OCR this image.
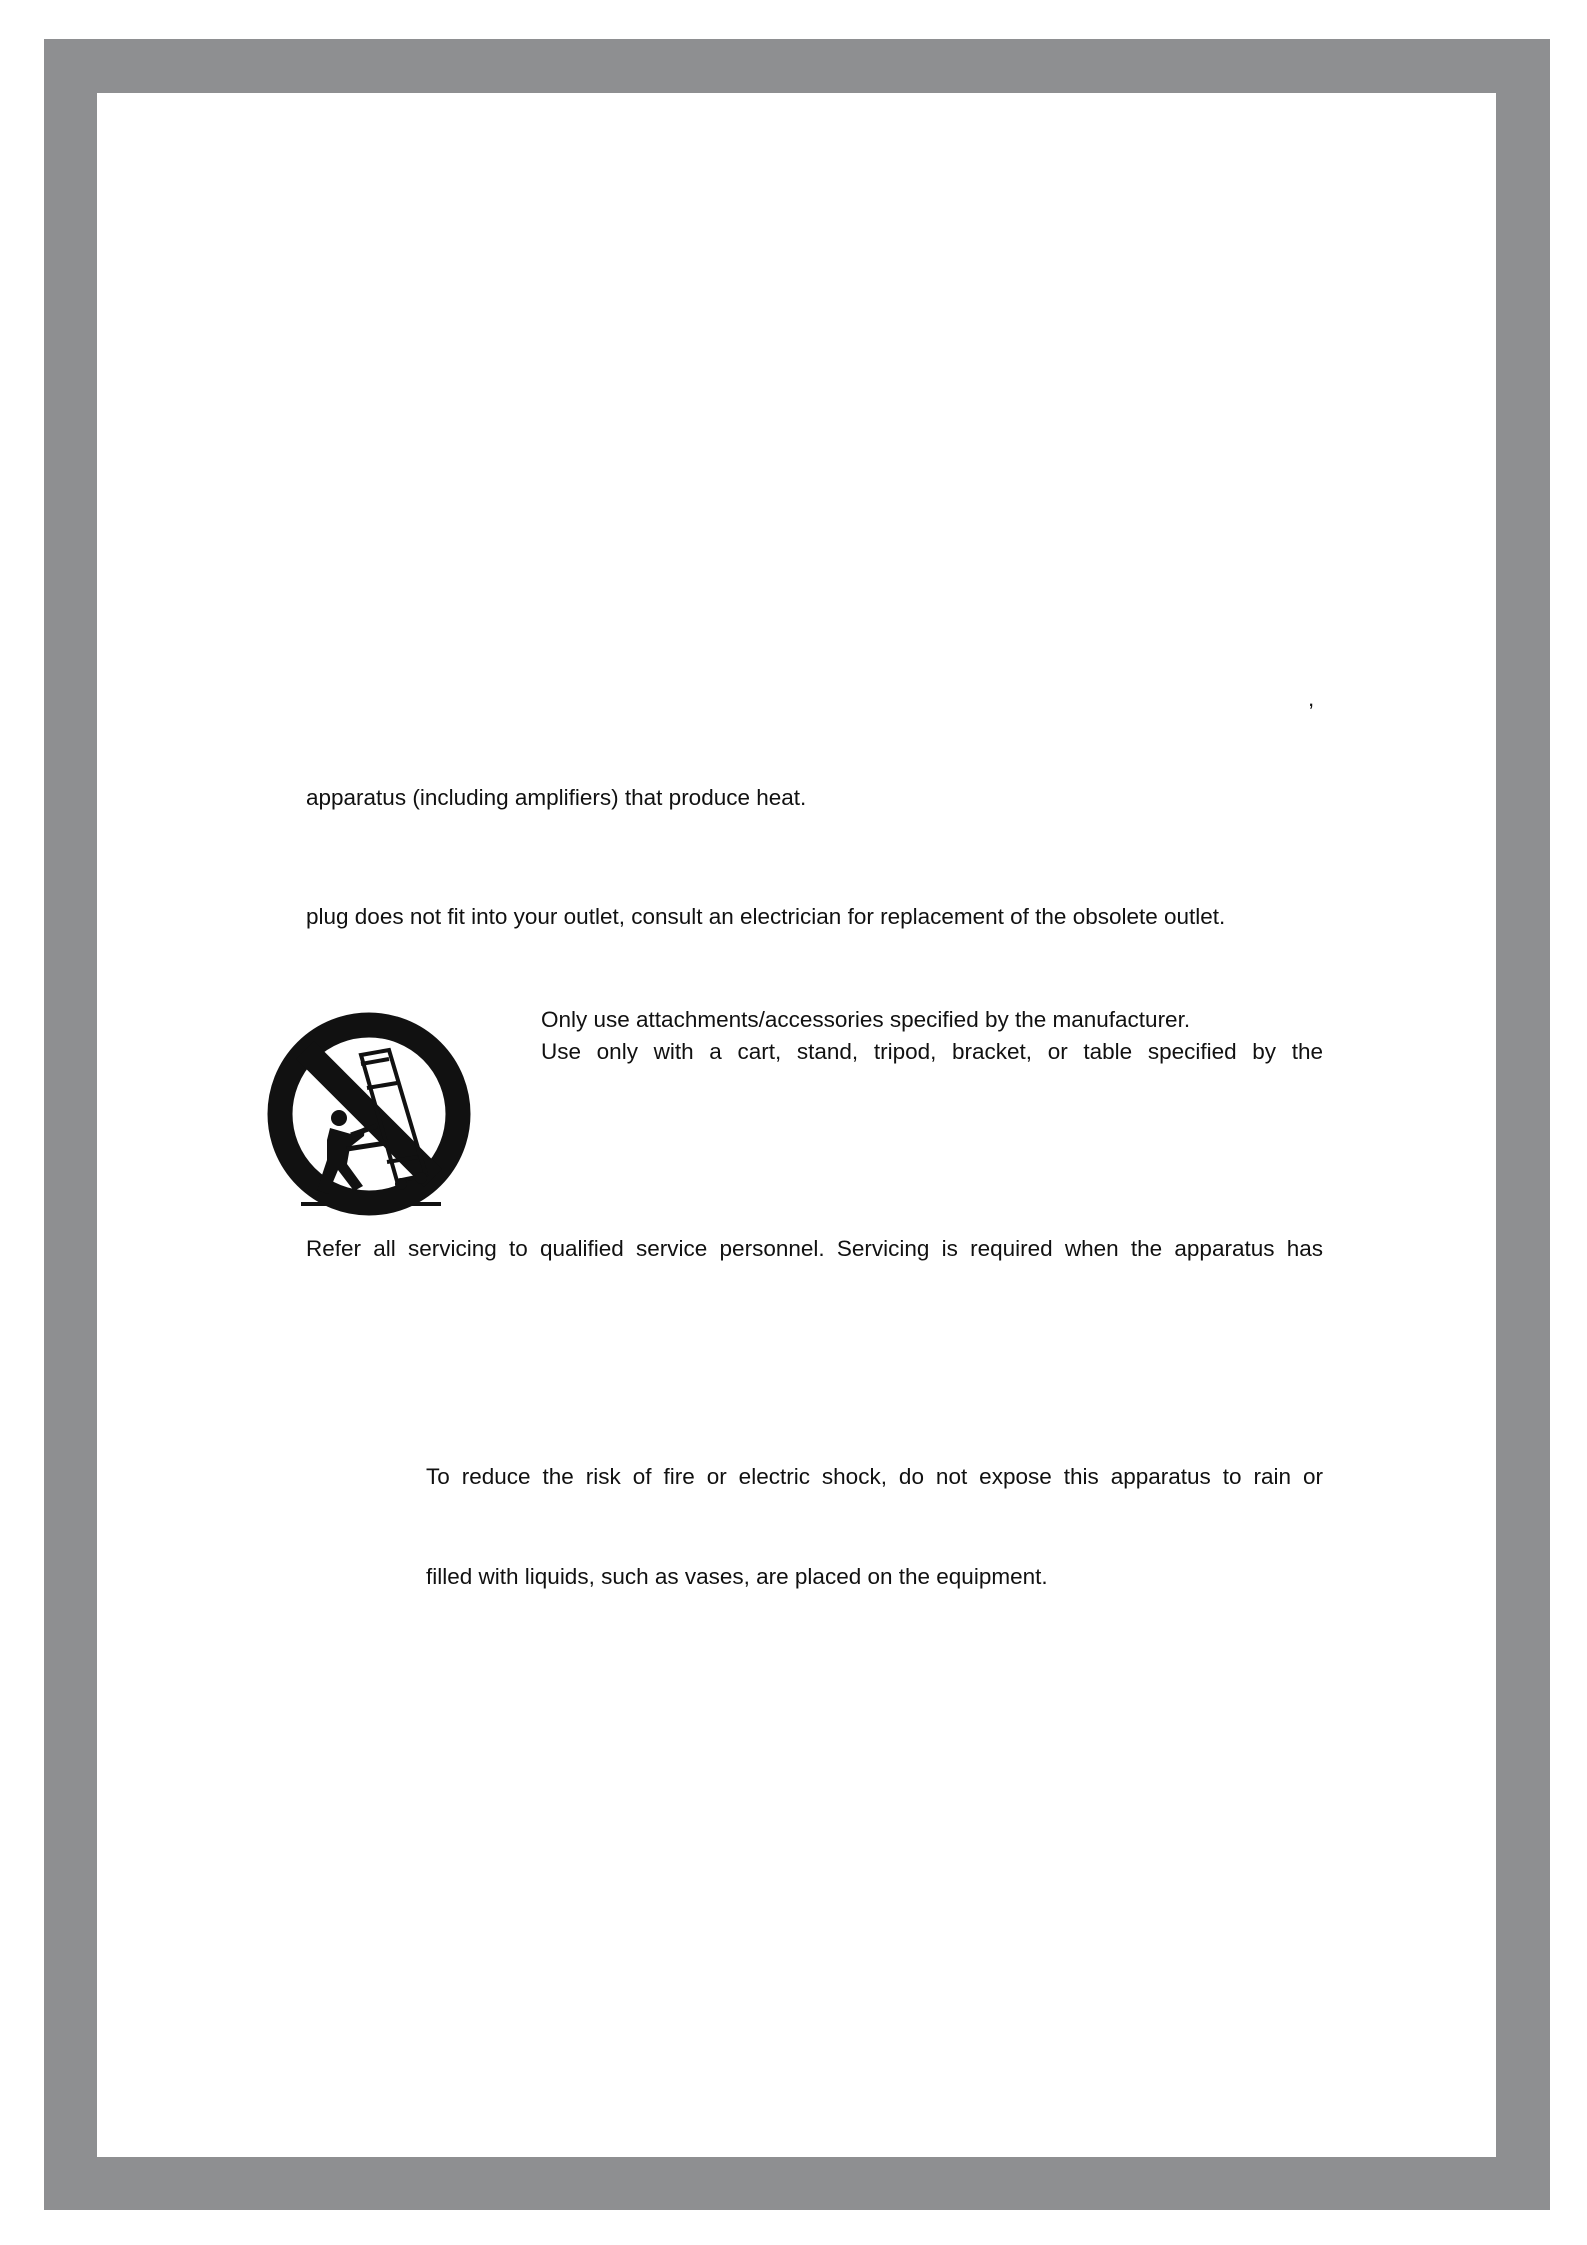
,
apparatus (including amplifiers) that produce heat.
plug does not fit into your outlet, consult an electrician for replacement of the obsolete outlet.
Only use attachments/accessories specified by the manufacturer.
Use only with a cart, stand, tripod, bracket, or table specified by the
Refer all servicing to qualified service personnel. Servicing is required when the apparatus has
To reduce the risk of fire or electric shock, do not expose this apparatus to rain or
filled with liquids, such as vases, are placed on the equipment.
